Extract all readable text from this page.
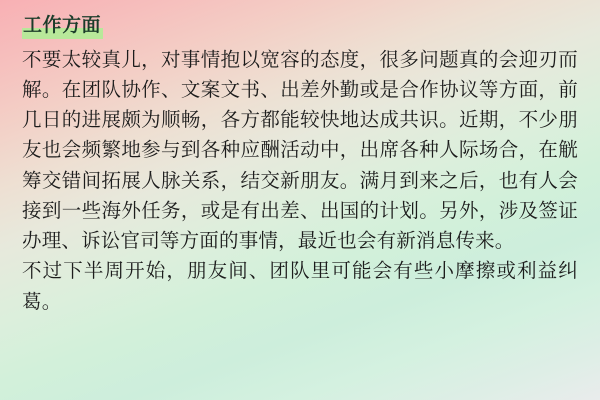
工作方面

不要太较真儿，对事情抱以宽容的态度，很多问题真的会迎刃而解。在团队协作、文案文书、出差外勤或是合作协议等方面，前几日的进展颇为顺畅，各方都能较快地达成共识。近期，不少朋友也会频繁地参与到各种应酬活动中，出席各种人际场合，在觥筹交错间拓展人脉关系，结交新朋友。满月到来之后，也有人会接到一些海外任务，或是有出差、出国的计划。另外，涉及签证办理、诉讼官司等方面的事情，最近也会有新消息传来。

不过下半周开始，朋友间、团队里可能会有些小摩擦或利益纠葛。
